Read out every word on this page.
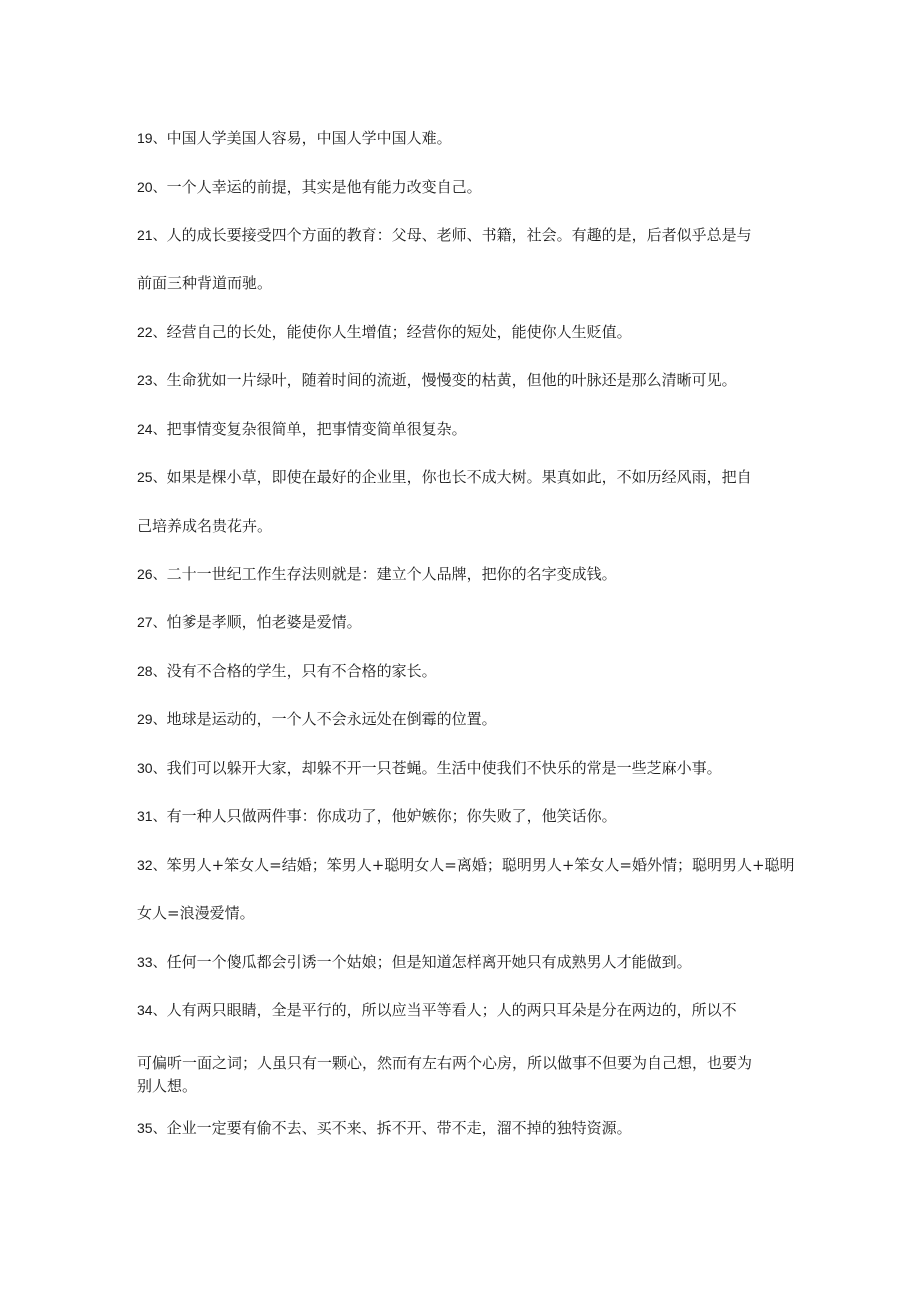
19、中国人学美国人容易，中国人学中国人难。

20、一个人幸运的前提，其实是他有能力改变自己。

21、人的成长要接受四个方面的教育：父母、老师、书籍，社会。有趣的是，后者似乎总是与

前面三种背道而驰。

22、经营自己的长处，能使你人生增值；经营你的短处，能使你人生贬值。

23、生命犹如一片绿叶，随着时间的流逝，慢慢变的枯黄，但他的叶脉还是那么清晰可见。

24、把事情变复杂很简单，把事情变简单很复杂。

25、如果是棵小草，即使在最好的企业里，你也长不成大树。果真如此，不如历经风雨，把自

己培养成名贵花卉。

26、二十一世纪工作生存法则就是：建立个人品牌，把你的名字变成钱。

27、怕爹是孝顺，怕老婆是爱情。

28、没有不合格的学生，只有不合格的家长。

29、地球是运动的，一个人不会永远处在倒霉的位置。

30、我们可以躲开大家，却躲不开一只苍蝇。生活中使我们不快乐的常是一些芝麻小事。

31、有一种人只做两件事：你成功了，他妒嫉你；你失败了，他笑话你。

32、笨男人+笨女人=结婚；笨男人+聪明女人=离婚；聪明男人+笨女人=婚外情；聪明男人+聪明

女人=浪漫爱情。

33、任何一个傻瓜都会引诱一个姑娘；但是知道怎样离开她只有成熟男人才能做到。

34、人有两只眼睛，全是平行的，所以应当平等看人；人的两只耳朵是分在两边的，所以不

可偏听一面之词；人虽只有一颗心，然而有左右两个心房，所以做事不但要为自己想，也要为

别人想。

35、企业一定要有偷不去、买不来、拆不开、带不走，溜不掉的独特资源。
